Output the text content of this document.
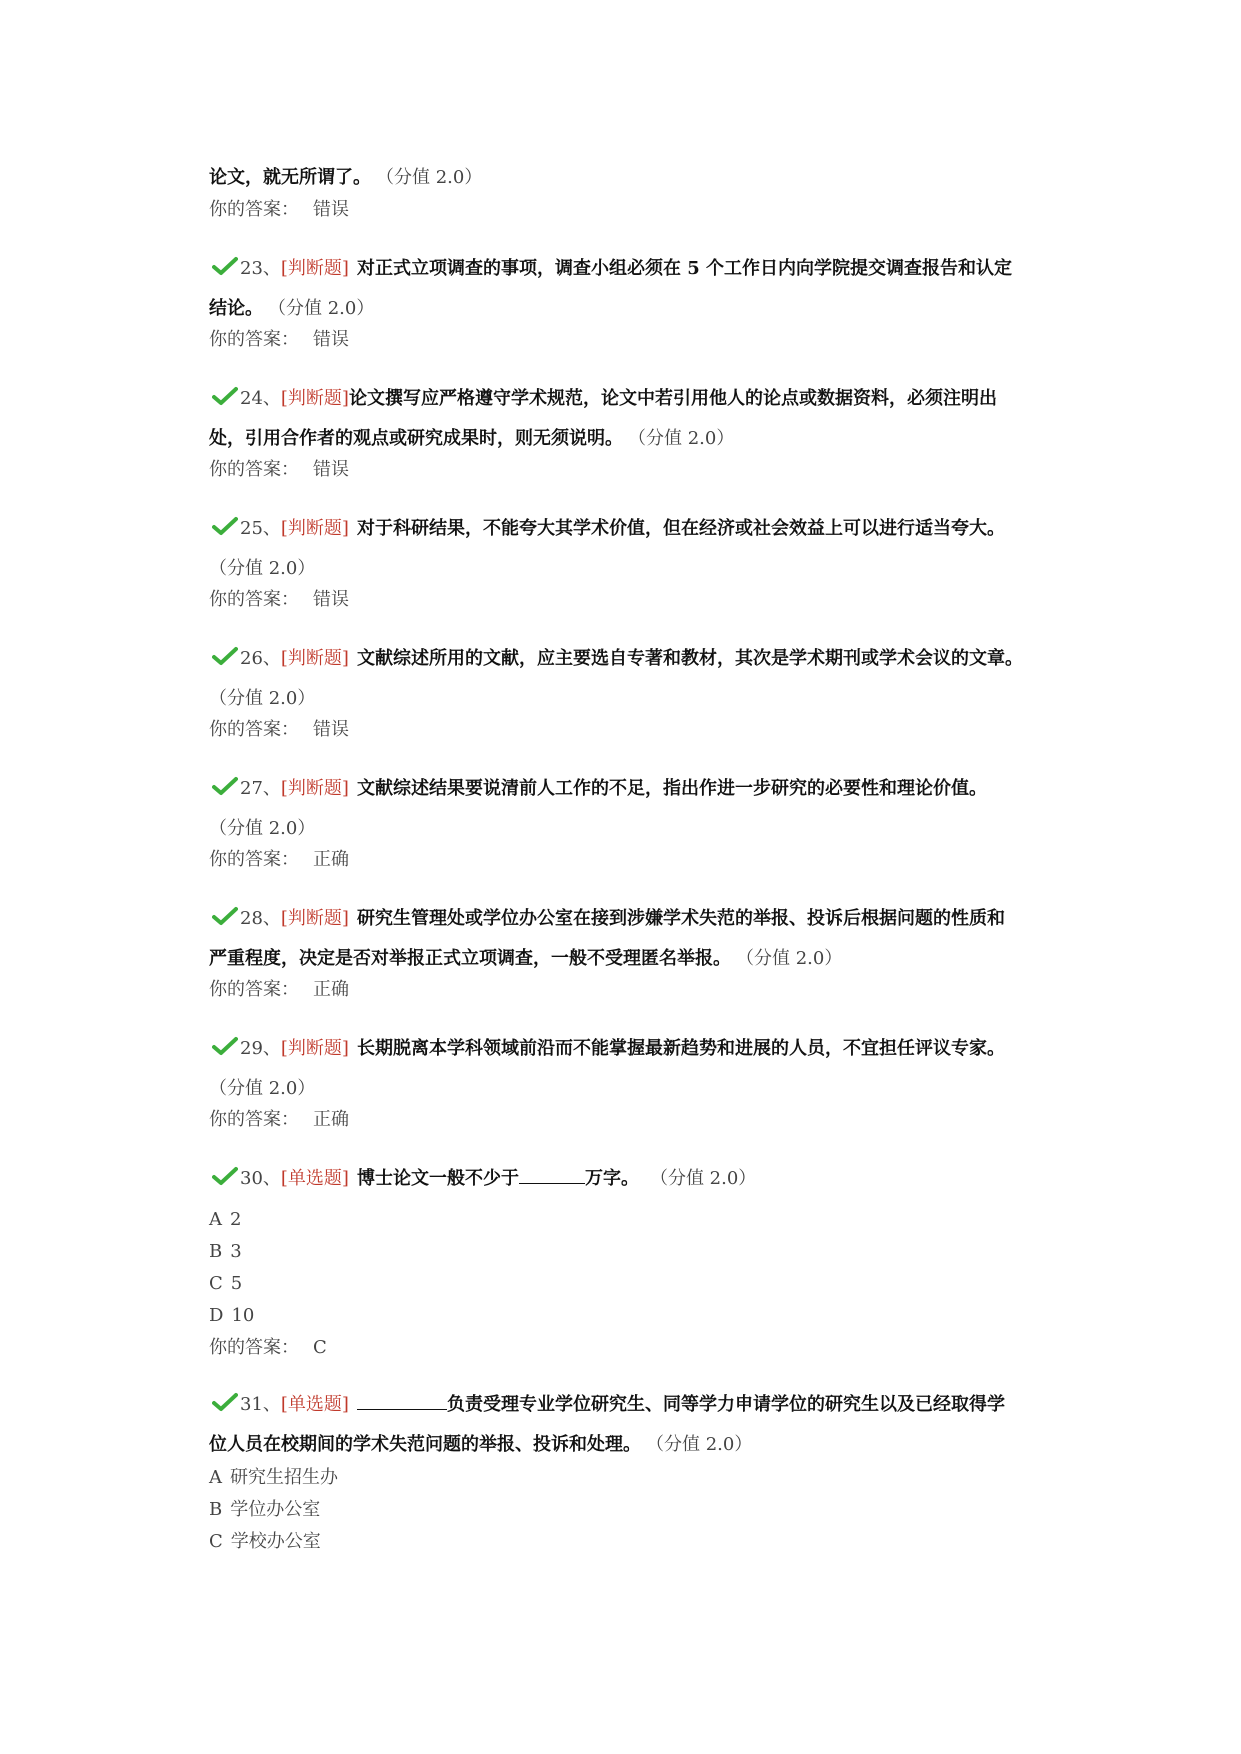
论文，就无所谓了。 （分值 2.0）
你的答案： 错误
23、[判断题] 对正式立项调查的事项，调查小组必须在 5 个工作日内向学院提交调查报告和认定
结论。 （分值 2.0）
你的答案： 错误
24、[判断题]论文撰写应严格遵守学术规范，论文中若引用他人的论点或数据资料，必须注明出
处，引用合作者的观点或研究成果时，则无须说明。 （分值 2.0）
你的答案： 错误
25、[判断题] 对于科研结果，不能夸大其学术价值，但在经济或社会效益上可以进行适当夸大。
（分值 2.0）
你的答案： 错误
26、[判断题] 文献综述所用的文献，应主要选自专著和教材，其次是学术期刊或学术会议的文章。
（分值 2.0）
你的答案： 错误
27、[判断题] 文献综述结果要说清前人工作的不足，指出作进一步研究的必要性和理论价值。
（分值 2.0）
你的答案： 正确
28、[判断题] 研究生管理处或学位办公室在接到涉嫌学术失范的举报、投诉后根据问题的性质和
严重程度，决定是否对举报正式立项调查，一般不受理匿名举报。 （分值 2.0）
你的答案： 正确
29、[判断题] 长期脱离本学科领域前沿而不能掌握最新趋势和进展的人员，不宜担任评议专家。
（分值 2.0）
你的答案： 正确
30、[单选题] 博士论文一般不少于	万字。 （分值 2.0）
A 2
B 3
C 5
D 10
你的答案： C
31、[单选题]	负责受理专业学位研究生、同等学力申请学位的研究生以及已经取得学
位人员在校期间的学术失范问题的举报、投诉和处理。 （分值 2.0）
A 研究生招生办
B 学位办公室
C 学校办公室
